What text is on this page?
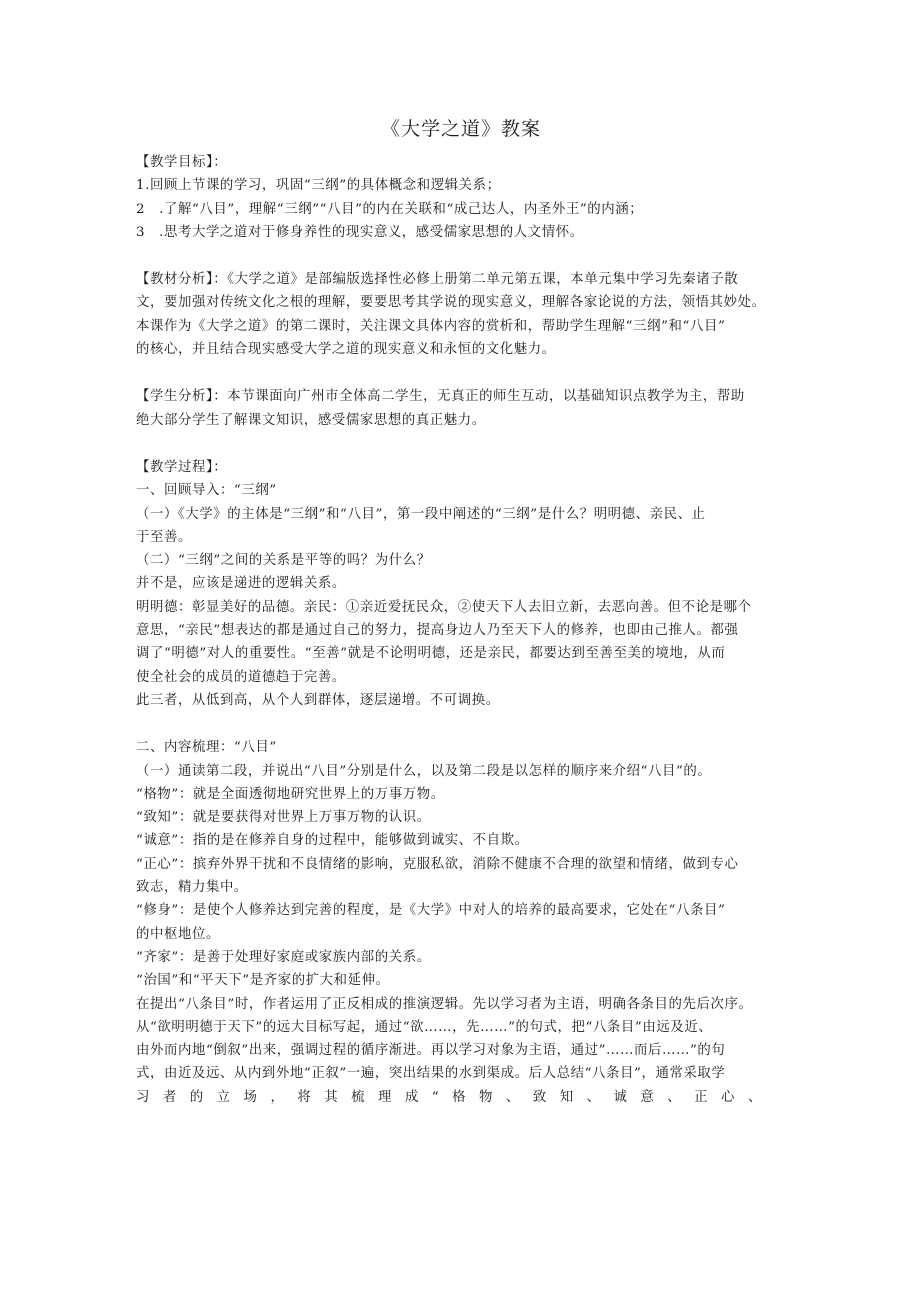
《大学之道》教案
【教学目标】：
1.回顾上节课的学习，巩固“三纲”的具体概念和逻辑关系；
2　.了解“八目”，理解“三纲”“八目”的内在关联和“成己达人，内圣外王”的内涵；
3　.思考大学之道对于修身养性的现实意义，感受儒家思想的人文情怀。
【教材分析】：《大学之道》是部编版选择性必修上册第二单元第五课，本单元集中学习先秦诸子散
文，要加强对传统文化之根的理解，要要思考其学说的现实意义，理解各家论说的方法，领悟其妙处。
本课作为《大学之道》的第二课时，关注课文具体内容的赏析和，帮助学生理解“三纲”和“八目”
的核心，并且结合现实感受大学之道的现实意义和永恒的文化魅力。
【学生分析】：本节课面向广州市全体高二学生，无真正的师生互动，以基础知识点教学为主，帮助
绝大部分学生了解课文知识，感受儒家思想的真正魅力。
【教学过程】：
一、回顾导入：“三纲”
（一）《大学》的主体是“三纲”和“八目”，第一段中阐述的“三纲”是什么？明明德、亲民、止
于至善。
（二）“三纲”之间的关系是平等的吗？为什么？
并不是，应该是递进的逻辑关系。
明明德：彰显美好的品德。亲民：①亲近爱抚民众，②使天下人去旧立新，去恶向善。但不论是哪个
意思，“亲民”想表达的都是通过自己的努力，提高身边人乃至天下人的修养，也即由己推人。都强
调了“明德”对人的重要性。“至善”就是不论明明德，还是亲民，都要达到至善至美的境地，从而
使全社会的成员的道德趋于完善。
此三者，从低到高，从个人到群体，逐层递增。不可调换。
二、内容梳理：“八目”
（一）通读第二段，并说出“八目”分别是什么，以及第二段是以怎样的顺序来介绍“八目”的。
“格物”：就是全面透彻地研究世界上的万事万物。
“致知”：就是要获得对世界上万事万物的认识。
“诚意”：指的是在修养自身的过程中，能够做到诚实、不自欺。
“正心”：摈弃外界干扰和不良情绪的影响，克服私欲，消除不健康不合理的欲望和情绪，做到专心
致志，精力集中。
“修身”：是使个人修养达到完善的程度，是《大学》中对人的培养的最高要求，它处在“八条目”
的中枢地位。
“齐家”：是善于处理好家庭或家族内部的关系。
“治国”和“平天下”是齐家的扩大和延伸。
在提出“八条目”时，作者运用了正反相成的推演逻辑。先以学习者为主语，明确各条目的先后次序。
从“欲明明德于天下”的远大目标写起，通过“欲……，先……”的句式，把“八条目”由远及近、
由外而内地“倒叙”出来，强调过程的循序渐进。再以学习对象为主语，通过”……而后……”的句
式，由近及远、从内到外地“正叙”一遍，突出结果的水到渠成。后人总结“八条目”，通常采取学
习者的立场，将其梳理成“格物、致知、诚意、正心、
